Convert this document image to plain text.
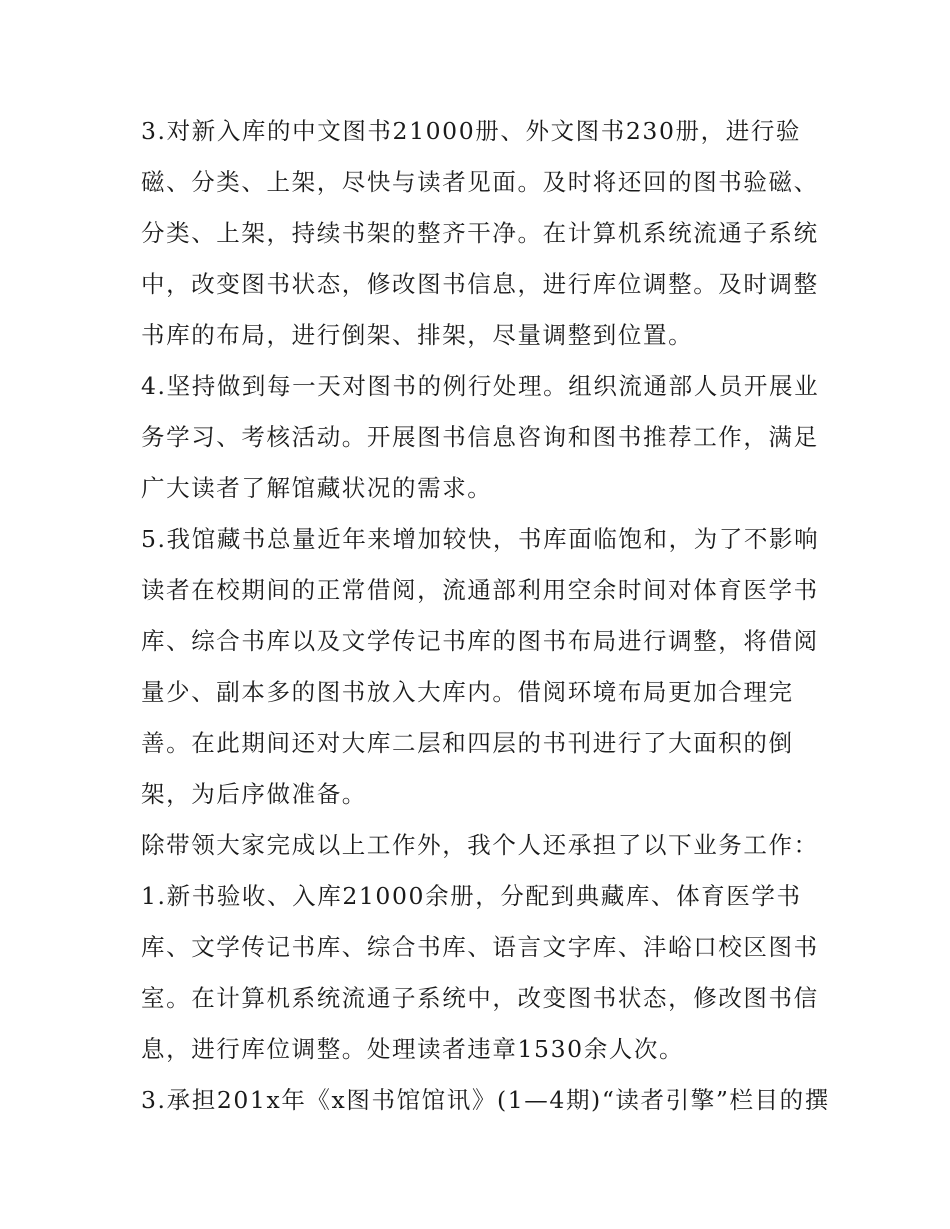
3.对新入库的中文图书21000册、外文图书230册，进行验
磁、分类、上架，尽快与读者见面。及时将还回的图书验磁、
分类、上架，持续书架的整齐干净。在计算机系统流通子系统
中，改变图书状态，修改图书信息，进行库位调整。及时调整
书库的布局，进行倒架、排架，尽量调整到位置。
4.坚持做到每一天对图书的例行处理。组织流通部人员开展业
务学习、考核活动。开展图书信息咨询和图书推荐工作，满足
广大读者了解馆藏状况的需求。
5.我馆藏书总量近年来增加较快，书库面临饱和，为了不影响
读者在校期间的正常借阅，流通部利用空余时间对体育医学书
库、综合书库以及文学传记书库的图书布局进行调整，将借阅
量少、副本多的图书放入大库内。借阅环境布局更加合理完
善。在此期间还对大库二层和四层的书刊进行了大面积的倒
架，为后序做准备。
除带领大家完成以上工作外，我个人还承担了以下业务工作：
1.新书验收、入库21000余册，分配到典藏库、体育医学书
库、文学传记书库、综合书库、语言文字库、沣峪口校区图书
室。在计算机系统流通子系统中，改变图书状态，修改图书信
息，进行库位调整。处理读者违章1530余人次。
3.承担201x年《x图书馆馆讯》(1—4期)“读者引擎”栏目的撰
